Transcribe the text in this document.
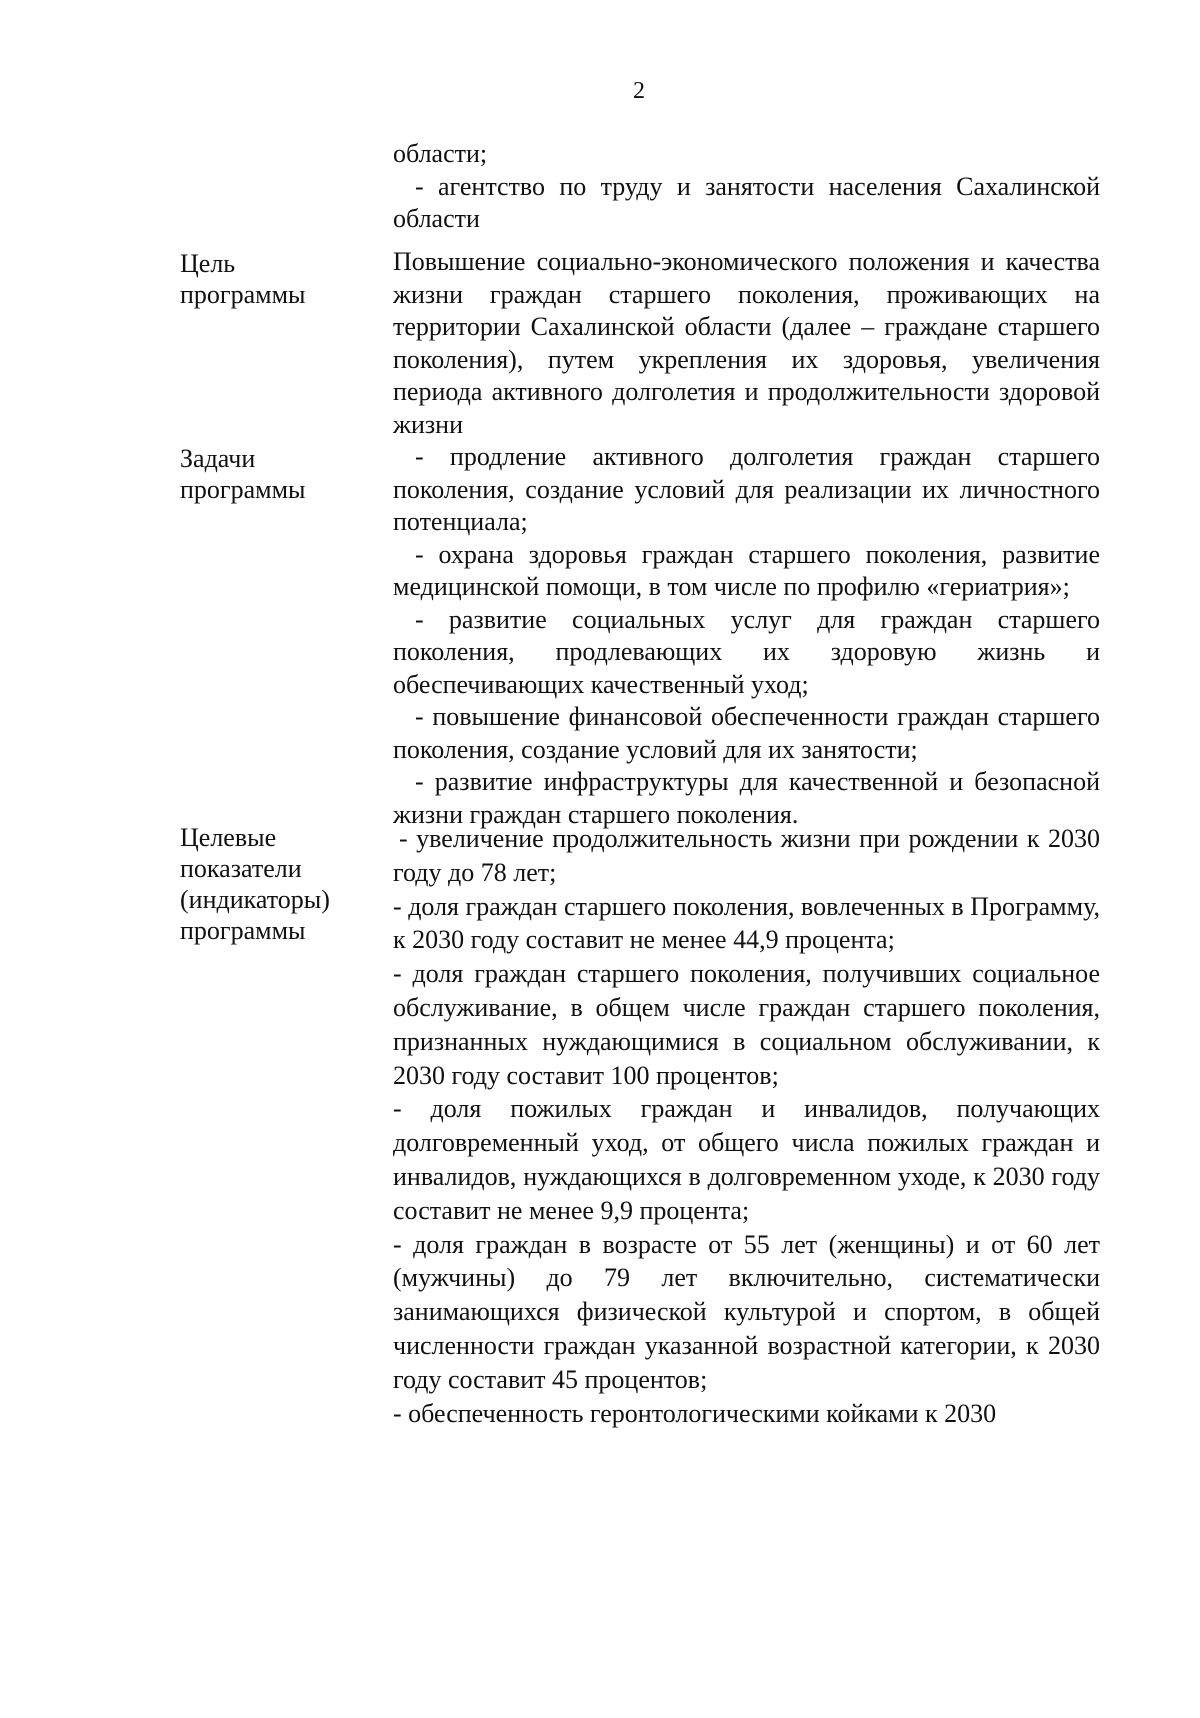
2

области;

- агентство по труду и занятости населения Сахалинской области

Цель программы

Повышение социально-экономического положения и качества жизни граждан старшего поколения, проживающих на территории Сахалинской области (далее – граждане старшего поколения), путем укрепления их здоровья, увеличения периода активного долголетия и продолжительности здоровой жизни

Задачи программы

- продление активного долголетия граждан старшего поколения, создание условий для реализации их личностного потенциала;

- охрана здоровья граждан старшего поколения, развитие медицинской помощи, в том числе по профилю «гериатрия»;

- развитие социальных услуг для граждан старшего поколения, продлевающих их здоровую жизнь и обеспечивающих качественный уход;

- повышение финансовой обеспеченности граждан старшего поколения, создание условий для их занятости;

- развитие инфраструктуры для качественной и безопасной жизни граждан старшего поколения.

Целевые показатели (индикаторы) программы

- увеличение продолжительность жизни при рождении к 2030 году до 78 лет;

- доля граждан старшего поколения, вовлеченных в Программу, к 2030 году составит не менее 44,9 процента;

- доля граждан старшего поколения, получивших социальное обслуживание, в общем числе граждан старшего поколения, признанных нуждающимися в социальном обслуживании, к 2030 году составит 100 процентов;

- доля пожилых граждан и инвалидов, получающих долговременный уход, от общего числа пожилых граждан и инвалидов, нуждающихся в долговременном уходе, к 2030 году составит не менее 9,9 процента;

- доля граждан в возрасте от 55 лет (женщины) и от 60 лет (мужчины) до 79 лет включительно, систематически занимающихся физической культурой и спортом, в общей численности граждан указанной возрастной категории, к 2030 году составит 45 процентов;

- обеспеченность геронтологическими койками к 2030
